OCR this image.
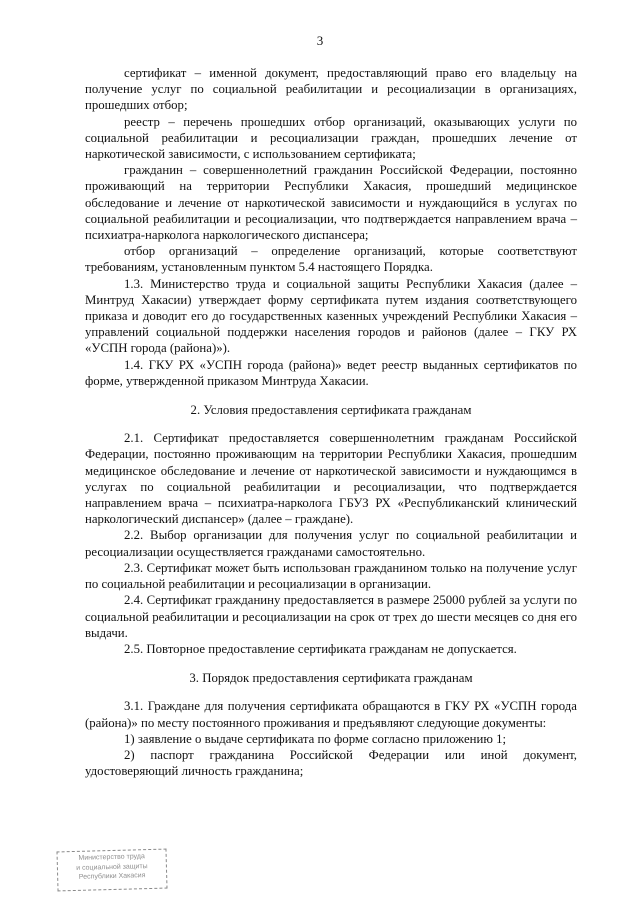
3

сертификат – именной документ, предоставляющий право его владельцу на получение услуг по социальной реабилитации и ресоциализации в организациях, прошедших отбор;

реестр – перечень прошедших отбор организаций, оказывающих услуги по социальной реабилитации и ресоциализации граждан, прошедших лечение от наркотической зависимости, с использованием сертификата;

гражданин – совершеннолетний гражданин Российской Федерации, постоянно проживающий на территории Республики Хакасия, прошедший медицинское обследование и лечение от наркотической зависимости и нуждающийся в услугах по социальной реабилитации и ресоциализации, что подтверждается направлением врача – психиатра-нарколога наркологического диспансера;

отбор организаций – определение организаций, которые соответствуют требованиям, установленным пунктом 5.4 настоящего Порядка.

1.3. Министерство труда и социальной защиты Республики Хакасия (далее – Минтруд Хакасии) утверждает форму сертификата путем издания соответствующего приказа и доводит его до государственных казенных учреждений Республики Хакасия – управлений социальной поддержки населения городов и районов (далее – ГКУ РХ «УСПН города (района)»).

1.4. ГКУ РХ «УСПН города (района)» ведет реестр выданных сертификатов по форме, утвержденной приказом Минтруда Хакасии.

2. Условия предоставления сертификата гражданам

2.1. Сертификат предоставляется совершеннолетним гражданам Российской Федерации, постоянно проживающим на территории Республики Хакасия, прошедшим медицинское обследование и лечение от наркотической зависимости и нуждающимся в услугах по социальной реабилитации и ресоциализации, что подтверждается направлением врача – психиатра-нарколога ГБУЗ РХ «Республиканский клинический наркологический диспансер» (далее – граждане).

2.2. Выбор организации для получения услуг по социальной реабилитации и ресоциализации осуществляется гражданами самостоятельно.

2.3. Сертификат может быть использован гражданином только на получение услуг по социальной реабилитации и ресоциализации в организации.

2.4. Сертификат гражданину предоставляется в размере 25000 рублей за услуги по социальной реабилитации и ресоциализации на срок от трех до шести месяцев со дня его выдачи.

2.5. Повторное предоставление сертификата гражданам не допускается.

3. Порядок предоставления сертификата гражданам

3.1. Граждане для получения сертификата обращаются в ГКУ РХ «УСПН города (района)» по месту постоянного проживания и предъявляют следующие документы:

1) заявление о выдаче сертификата по форме согласно приложению 1;

2) паспорт гражданина Российской Федерации или иной документ, удостоверяющий личность гражданина;

Министерство труда
и социальной защиты
Республики Хакасия
